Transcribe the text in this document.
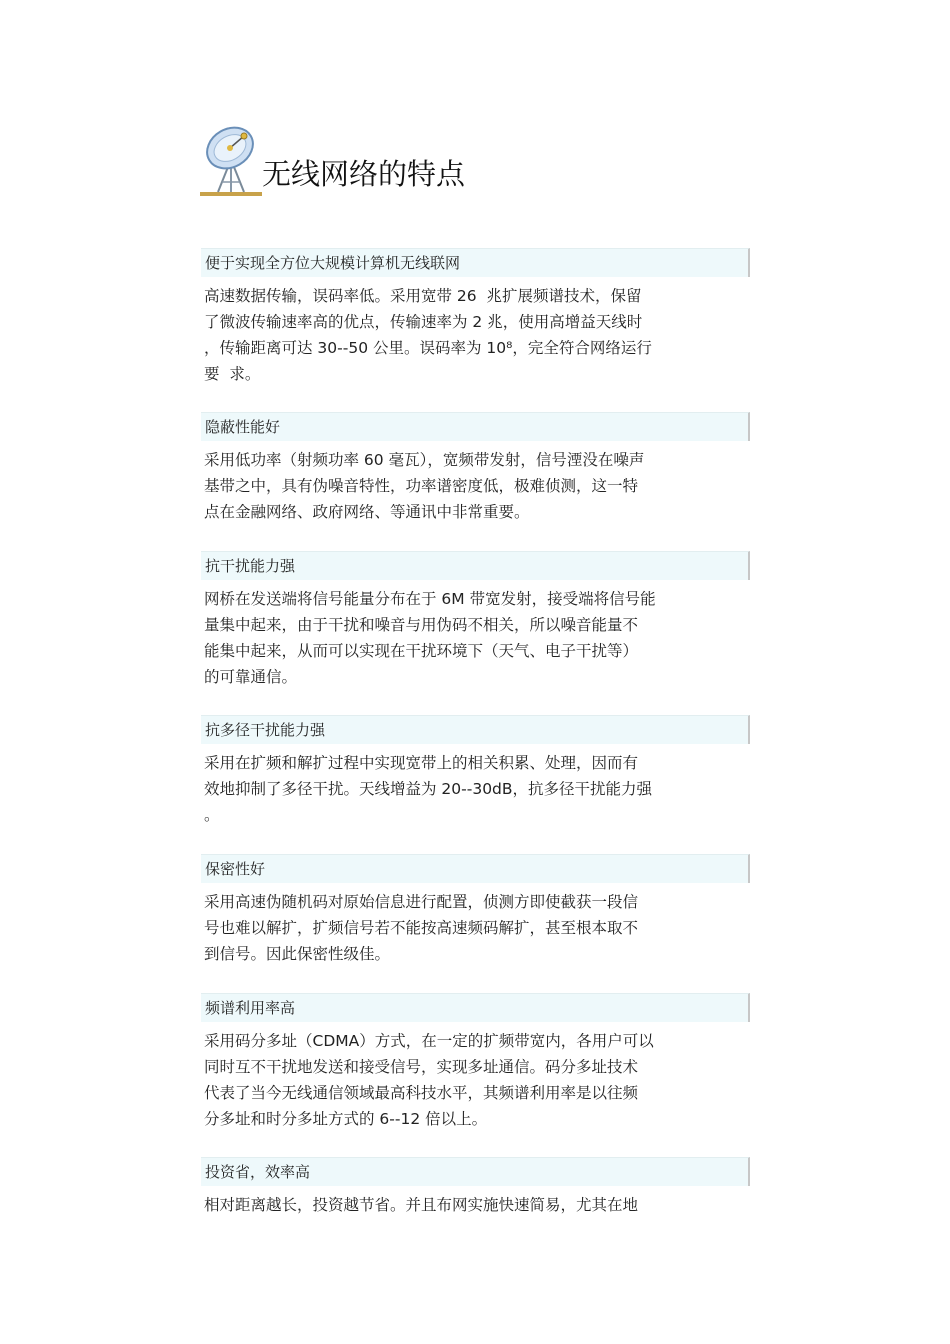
无线网络的特点
便于实现全方位大规模计算机无线联网
高速数据传输，误码率低。采用宽带 26  兆扩展频谱技术，保留
了微波传输速率高的优点，传输速率为 2 兆，使用高增益天线时
，传输距离可达 30--50 公里。误码率为 10⁸，完全符合网络运行
要  求。
隐蔽性能好
采用低功率（射频功率 60 毫瓦），宽频带发射，信号湮没在噪声
基带之中，具有伪噪音特性，功率谱密度低，极难侦测，这一特
点在金融网络、政府网络、等通讯中非常重要。
抗干扰能力强
网桥在发送端将信号能量分布在于 6M 带宽发射，接受端将信号能
量集中起来，由于干扰和噪音与用伪码不相关，所以噪音能量不
能集中起来，从而可以实现在干扰环境下（天气、电子干扰等）
的可靠通信。
抗多径干扰能力强
采用在扩频和解扩过程中实现宽带上的相关积累、处理，因而有
效地抑制了多径干扰。天线增益为 20--30dB，抗多径干扰能力强
。
保密性好
采用高速伪随机码对原始信息进行配置，侦测方即使截获一段信
号也难以解扩，扩频信号若不能按高速频码解扩，甚至根本取不
到信号。因此保密性级佳。
频谱利用率高
采用码分多址（CDMA）方式，在一定的扩频带宽内，各用户可以
同时互不干扰地发送和接受信号，实现多址通信。码分多址技术
代表了当今无线通信领域最高科技水平，其频谱利用率是以往频
分多址和时分多址方式的 6--12 倍以上。
投资省，效率高
相对距离越长，投资越节省。并且布网实施快速简易，尤其在地
